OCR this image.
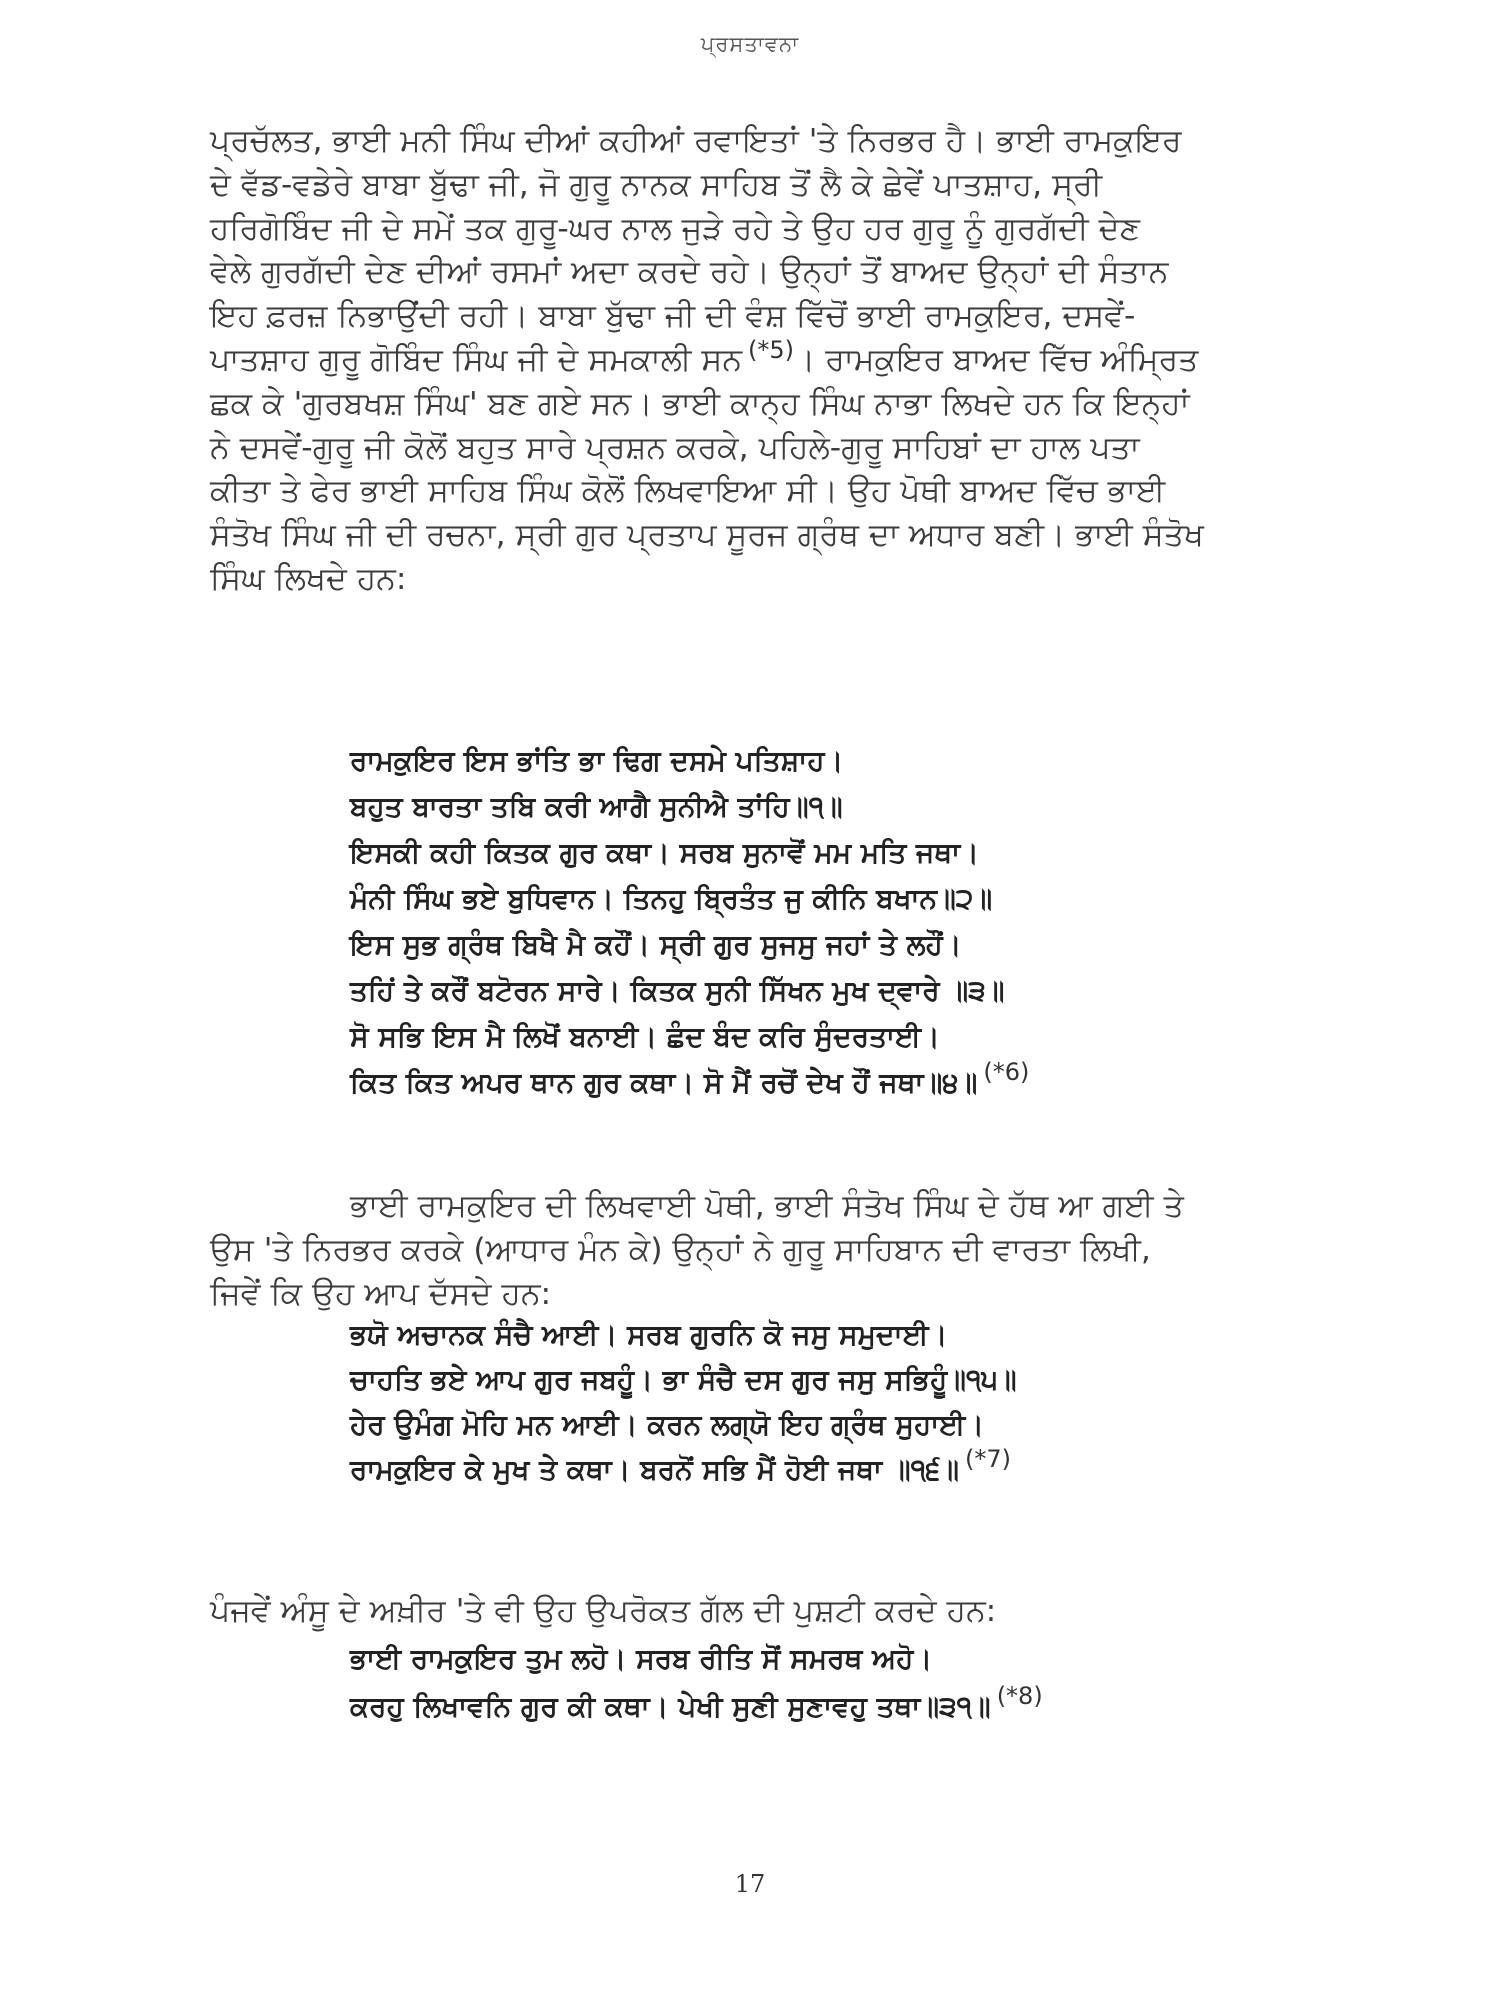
ਪ੍ਰਸਤਾਵਨਾ
ਪ੍ਰਚੱਲਤ, ਭਾਈ ਮਨੀ ਸਿੰਘ ਦੀਆਂ ਕਹੀਆਂ ਰਵਾਇਤਾਂ 'ਤੇ ਨਿਰਭਰ ਹੈ। ਭਾਈ ਰਾਮਕੁਇਰ
ਦੇ ਵੱਡ-ਵਡੇਰੇ ਬਾਬਾ ਬੁੱਢਾ ਜੀ, ਜੋ ਗੁਰੂ ਨਾਨਕ ਸਾਹਿਬ ਤੋਂ ਲੈ ਕੇ ਛੇਵੇਂ ਪਾਤਸ਼ਾਹ, ਸ੍ਰੀ
ਹਰਿਗੋਬਿੰਦ ਜੀ ਦੇ ਸਮੇਂ ਤਕ ਗੁਰੂ-ਘਰ ਨਾਲ ਜੁੜੇ ਰਹੇ ਤੇ ਉਹ ਹਰ ਗੁਰੂ ਨੂੰ ਗੁਰਗੱਦੀ ਦੇਣ
ਵੇਲੇ ਗੁਰਗੱਦੀ ਦੇਣ ਦੀਆਂ ਰਸਮਾਂ ਅਦਾ ਕਰਦੇ ਰਹੇ। ਉਨ੍ਹਾਂ ਤੋਂ ਬਾਅਦ ਉਨ੍ਹਾਂ ਦੀ ਸੰਤਾਨ
ਇਹ ਫ਼ਰਜ਼ ਨਿਭਾਉਂਦੀ ਰਹੀ। ਬਾਬਾ ਬੁੱਢਾ ਜੀ ਦੀ ਵੰਸ਼ ਵਿੱਚੋਂ ਭਾਈ ਰਾਮਕੁਇਰ, ਦਸਵੇਂ-
ਪਾਤਸ਼ਾਹ ਗੁਰੂ ਗੋਬਿੰਦ ਸਿੰਘ ਜੀ ਦੇ ਸਮਕਾਲੀ ਸਨ $^{(*5)}$। ਰਾਮਕੁਇਰ ਬਾਅਦ ਵਿੱਚ ਅੰਮ੍ਰਿਤ
ਛਕ ਕੇ 'ਗੁਰਬਖਸ਼ ਸਿੰਘ' ਬਣ ਗਏ ਸਨ। ਭਾਈ ਕਾਨ੍ਹ ਸਿੰਘ ਨਾਭਾ ਲਿਖਦੇ ਹਨ ਕਿ ਇਨ੍ਹਾਂ
ਨੇ ਦਸਵੇਂ-ਗੁਰੂ ਜੀ ਕੋਲੋਂ ਬਹੁਤ ਸਾਰੇ ਪ੍ਰਸ਼ਨ ਕਰਕੇ, ਪਹਿਲੇ-ਗੁਰੂ ਸਾਹਿਬਾਂ ਦਾ ਹਾਲ ਪਤਾ
ਕੀਤਾ ਤੇ ਫੇਰ ਭਾਈ ਸਾਹਿਬ ਸਿੰਘ ਕੋਲੋਂ ਲਿਖਵਾਇਆ ਸੀ। ਉਹ ਪੋਥੀ ਬਾਅਦ ਵਿੱਚ ਭਾਈ
ਸੰਤੋਖ ਸਿੰਘ ਜੀ ਦੀ ਰਚਨਾ, ਸ੍ਰੀ ਗੁਰ ਪ੍ਰਤਾਪ ਸੂਰਜ ਗ੍ਰੰਥ ਦਾ ਅਧਾਰ ਬਣੀ। ਭਾਈ ਸੰਤੋਖ
ਸਿੰਘ ਲਿਖਦੇ ਹਨ:
ਰਾਮਕੁਇਰ ਇਸ ਭਾਂਤਿ ਭਾ ਢਿਗ ਦਸਮੇ ਪਤਿਸ਼ਾਹ।
ਬਹੁਤ ਬਾਰਤਾ ਤਬਿ ਕਰੀ ਆਗੈ ਸੁਨੀਐ ਤਾਂਹਿ॥੧॥
ਇਸਕੀ ਕਹੀ ਕਿਤਕ ਗੁਰ ਕਥਾ। ਸਰਬ ਸੁਨਾਵੋਂ ਮਮ ਮਤਿ ਜਥਾ।
ਮੰਨੀ ਸਿੰਘ ਭਏ ਬੁਧਿਵਾਨ। ਤਿਨਹੁ ਬ੍ਰਿਤੰਤ ਜੁ ਕੀਨਿ ਬਖਾਨ॥੨॥
ਇਸ ਸੁਭ ਗ੍ਰੰਥ ਬਿਖੈ ਮੈ ਕਹੌਂ। ਸ੍ਰੀ ਗੁਰ ਸੁਜਸੁ ਜਹਾਂ ਤੇ ਲਹੌਂ।
ਤਹਿਂ ਤੇ ਕਰੌਂ ਬਟੋਰਨ ਸਾਰੇ। ਕਿਤਕ ਸੁਨੀ ਸਿੱਖਨ ਮੁਖ ਦ੍ਵਾਰੇ ॥੩॥
ਸੋ ਸਭਿ ਇਸ ਮੈ ਲਿਖੋਂ ਬਨਾਈ। ਛੰਦ ਬੰਦ ਕਰਿ ਸੁੰਦਰਤਾਈ।
ਕਿਤ ਕਿਤ ਅਪਰ ਥਾਨ ਗੁਰ ਕਥਾ। ਸੋ ਮੈਂ ਰਚੋਂ ਦੇਖ ਹੌਂ ਜਥਾ॥੪॥ $^{(*6)}$
ਭਾਈ ਰਾਮਕੁਇਰ ਦੀ ਲਿਖਵਾਈ ਪੋਥੀ, ਭਾਈ ਸੰਤੋਖ ਸਿੰਘ ਦੇ ਹੱਥ ਆ ਗਈ ਤੇ
ਉਸ 'ਤੇ ਨਿਰਭਰ ਕਰਕੇ (ਆਧਾਰ ਮੰਨ ਕੇ) ਉਨ੍ਹਾਂ ਨੇ ਗੁਰੂ ਸਾਹਿਬਾਨ ਦੀ ਵਾਰਤਾ ਲਿਖੀ,
ਜਿਵੇਂ ਕਿ ਉਹ ਆਪ ਦੱਸਦੇ ਹਨ:
ਭਯੋ ਅਚਾਨਕ ਸੰਚੈ ਆਈ। ਸਰਬ ਗੁਰਨਿ ਕੋ ਜਸੁ ਸਮੁਦਾਈ।
ਚਾਹਤਿ ਭਏ ਆਪ ਗੁਰ ਜਬਹੂੰ। ਭਾ ਸੰਚੈ ਦਸ ਗੁਰ ਜਸੁ ਸਭਿਹੂੰ॥੧੫॥
ਹੇਰ ਉਮੰਗ ਮੋਹਿ ਮਨ ਆਈ। ਕਰਨ ਲਗ੍ਯੋ ਇਹ ਗ੍ਰੰਥ ਸੁਹਾਈ।
ਰਾਮਕੁਇਰ ਕੇ ਮੁਖ ਤੇ ਕਥਾ। ਬਰਨੋਂ ਸਭਿ ਮੈਂ ਹੋਈ ਜਥਾ ॥੧੬॥ $^{(*7)}$
ਪੰਜਵੇਂ ਅੰਸੂ ਦੇ ਅਖ਼ੀਰ 'ਤੇ ਵੀ ਉਹ ਉਪਰੋਕਤ ਗੱਲ ਦੀ ਪੁਸ਼ਟੀ ਕਰਦੇ ਹਨ:
ਭਾਈ ਰਾਮਕੁਇਰ ਤੁਮ ਲਹੋ। ਸਰਬ ਰੀਤਿ ਸੋਂ ਸਮਰਥ ਅਹੋ।
ਕਰਹੁ ਲਿਖਾਵਨਿ ਗੁਰ ਕੀ ਕਥਾ। ਪੇਖੀ ਸੁਣੀ ਸੁਣਾਵਹੁ ਤਥਾ॥੩੧॥ $^{(*8)}$
17
